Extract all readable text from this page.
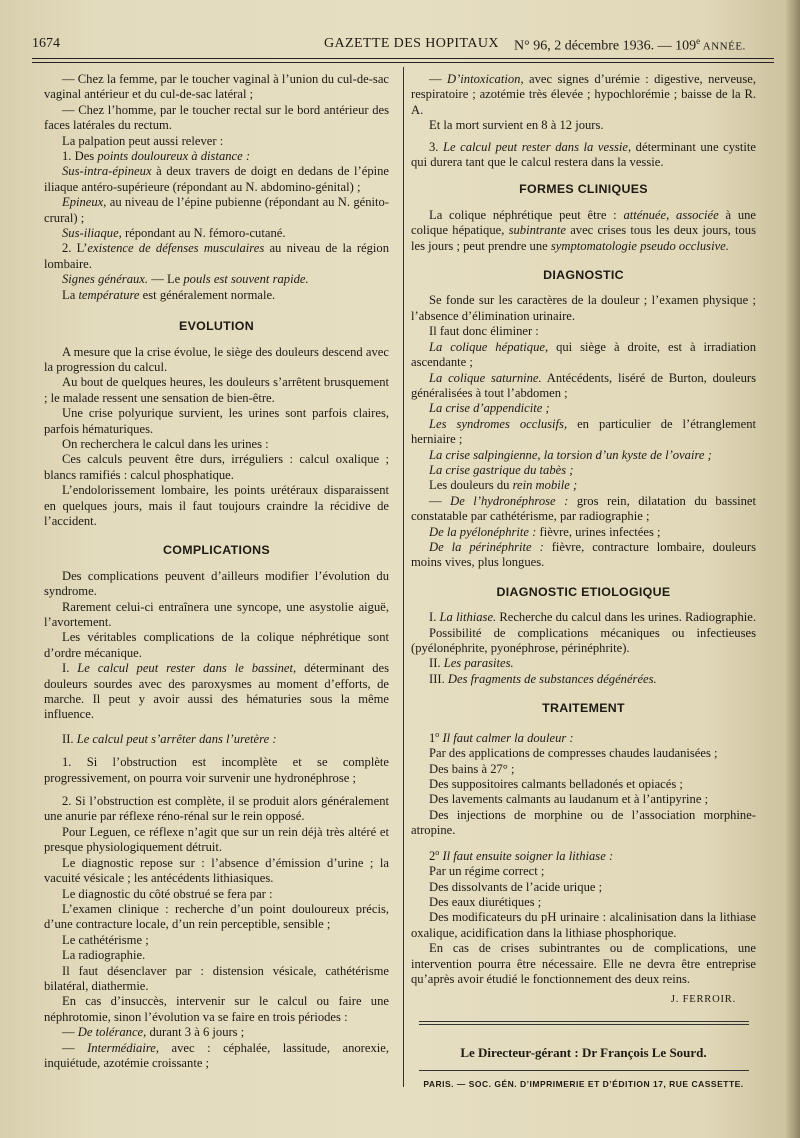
1674	GAZETTE DES HOPITAUX N° 96, 2 décembre 1936. — 109e ANNÉE.

— Chez la femme, par le toucher vaginal à l’union du cul-de-sac vaginal antérieur et du cul-de-sac latéral ;

— Chez l’homme, par le toucher rectal sur le bord antérieur des faces latérales du rectum.

La palpation peut aussi relever :

1. Des points douloureux à distance :

Sus-intra-épineux à deux travers de doigt en dedans de l’épine iliaque antéro-supérieure (répondant au N. abdomino-génital) ;

Epineux, au niveau de l’épine pubienne (répondant au N. génito-crural) ;

Sus-iliaque, répondant au N. fémoro-cutané.

2. L’existence de défenses musculaires au niveau de la région lombaire.

Signes généraux. — Le pouls est souvent rapide.

La température est généralement normale.

EVOLUTION

A mesure que la crise évolue, le siège des douleurs descend avec la progression du calcul.

Au bout de quelques heures, les douleurs s’arrêtent brusquement ; le malade ressent une sensation de bien-être.

Une crise polyurique survient, les urines sont parfois claires, parfois hématuriques.

On recherchera le calcul dans les urines :

Ces calculs peuvent être durs, irréguliers : calcul oxalique ; blancs ramifiés : calcul phosphatique.

L’endolorissement lombaire, les points urétéraux disparaissent en quelques jours, mais il faut toujours craindre la récidive de l’accident.

COMPLICATIONS

Des complications peuvent d’ailleurs modifier l’évolution du syndrome.

Rarement celui-ci entraînera une syncope, une asystolie aiguë, l’avortement.

Les véritables complications de la colique néphrétique sont d’ordre mécanique.

I. Le calcul peut rester dans le bassinet, déterminant des douleurs sourdes avec des paroxysmes au moment d’efforts, de marche. Il peut y avoir aussi des hématuries sous la même influence.

II. Le calcul peut s’arrêter dans l’uretère :

1. Si l’obstruction est incomplète et se complète progressivement, on pourra voir survenir une hydronéphrose ;

2. Si l’obstruction est complète, il se produit alors généralement une anurie par réflexe réno-rénal sur le rein opposé.

Pour Leguen, ce réflexe n’agit que sur un rein déjà très altéré et presque physiologiquement détruit.

Le diagnostic repose sur : l’absence d’émission d’urine ; la vacuité vésicale ; les antécédents lithiasiques.

Le diagnostic du côté obstrué se fera par :

L’examen clinique : recherche d’un point douloureux précis, d’une contracture locale, d’un rein perceptible, sensible ;

Le cathétérisme ;

La radiographie.

Il faut désenclaver par : distension vésicale, cathétérisme bilatéral, diathermie.

En cas d’insuccès, intervenir sur le calcul ou faire une néphrotomie, sinon l’évolution va se faire en trois périodes :

— De tolérance, durant 3 à 6 jours ;

— Intermédiaire, avec : céphalée, lassitude, anorexie, inquiétude, azotémie croissante ;

— D’intoxication, avec signes d’urémie : digestive, nerveuse, respiratoire ; azotémie très élevée ; hypochlorémie ; baisse de la R. A.

Et la mort survient en 8 à 12 jours.

3. Le calcul peut rester dans la vessie, déterminant une cystite qui durera tant que le calcul restera dans la vessie.

FORMES CLINIQUES

La colique néphrétique peut être : atténuée, associée à une colique hépatique, subintrante avec crises tous les deux jours, tous les jours ; peut prendre une symptomatologie pseudo occlusive.

DIAGNOSTIC

Se fonde sur les caractères de la douleur ; l’examen physique ; l’absence d’élimination urinaire.

Il faut donc éliminer :

La colique hépatique, qui siège à droite, est à irradiation ascendante ;

La colique saturnine. Antécédents, liséré de Burton, douleurs généralisées à tout l’abdomen ;

La crise d’appendicite ;

Les syndromes occlusifs, en particulier de l’étranglement herniaire ;

La crise salpingienne, la torsion d’un kyste de l’ovaire ;

La crise gastrique du tabès ;

Les douleurs du rein mobile ;

— De l’hydronéphrose : gros rein, dilatation du bassinet constatable par cathétérisme, par radiographie ;

De la pyélonéphrite : fièvre, urines infectées ;

De la périnéphrite : fièvre, contracture lombaire, douleurs moins vives, plus longues.

DIAGNOSTIC ETIOLOGIQUE

I. La lithiase. Recherche du calcul dans les urines. Radiographie.

Possibilité de complications mécaniques ou infectieuses (pyélonéphrite, pyonéphrose, périnéphrite).

II. Les parasites.

III. Des fragments de substances dégénérées.

TRAITEMENT

1$^o$ Il faut calmer la douleur :

Par des applications de compresses chaudes laudanisées ;

Des bains à 27° ;

Des suppositoires calmants belladonés et opiacés ;

Des lavements calmants au laudanum et à l’antipyrine ;

Des injections de morphine ou de l’association morphine-atropine.

2$^o$ Il faut ensuite soigner la lithiase :

Par un régime correct ;

Des dissolvants de l’acide urique ;

Des eaux diurétiques ;

Des modificateurs du pH urinaire : alcalinisation dans la lithiase oxalique, acidification dans la lithiase phosphorique.

En cas de crises subintrantes ou de complications, une intervention pourra être nécessaire. Elle ne devra être entreprise qu’après avoir étudié le fonctionnement des deux reins.

J. FERROIR.

Le Directeur-gérant : Dr François Le Sourd.

PARIS. — SOC. GÉN. D’IMPRIMERIE ET D’ÉDITION 17, RUE CASSETTE.
